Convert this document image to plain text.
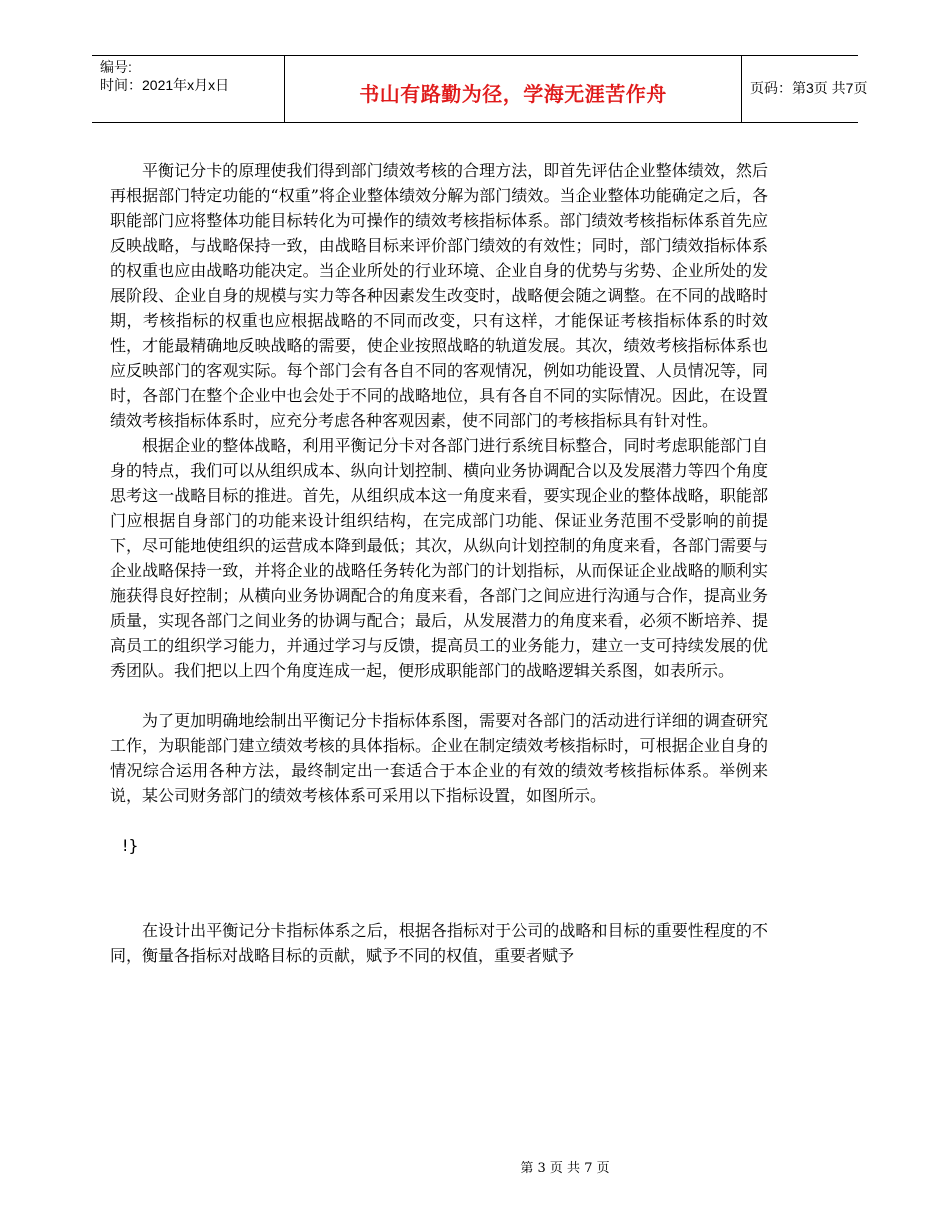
编号:
时间：2021年x月x日	书山有路勤为径，学海无涯苦作舟	页码：第3页 共7页

平衡记分卡的原理使我们得到部门绩效考核的合理方法，即首先评估企业整体绩效，然后再根据部门特定功能的“权重”将企业整体绩效分解为部门绩效。当企业整体功能确定之后，各职能部门应将整体功能目标转化为可操作的绩效考核指标体系。部门绩效考核指标体系首先应反映战略，与战略保持一致，由战略目标来评价部门绩效的有效性；同时，部门绩效指标体系的权重也应由战略功能决定。当企业所处的行业环境、企业自身的优势与劣势、企业所处的发展阶段、企业自身的规模与实力等各种因素发生改变时，战略便会随之调整。在不同的战略时期，考核指标的权重也应根据战略的不同而改变，只有这样，才能保证考核指标体系的时效性，才能最精确地反映战略的需要，使企业按照战略的轨道发展。其次，绩效考核指标体系也应反映部门的客观实际。每个部门会有各自不同的客观情况，例如功能设置、人员情况等，同时，各部门在整个企业中也会处于不同的战略地位，具有各自不同的实际情况。因此，在设置绩效考核指标体系时，应充分考虑各种客观因素，使不同部门的考核指标具有针对性。

根据企业的整体战略，利用平衡记分卡对各部门进行系统目标整合，同时考虑职能部门自身的特点，我们可以从组织成本、纵向计划控制、横向业务协调配合以及发展潜力等四个角度思考这一战略目标的推进。首先，从组织成本这一角度来看，要实现企业的整体战略，职能部门应根据自身部门的功能来设计组织结构，在完成部门功能、保证业务范围不受影响的前提下，尽可能地使组织的运营成本降到最低；其次，从纵向计划控制的角度来看，各部门需要与企业战略保持一致，并将企业的战略任务转化为部门的计划指标，从而保证企业战略的顺利实施获得良好控制；从横向业务协调配合的角度来看，各部门之间应进行沟通与合作，提高业务质量，实现各部门之间业务的协调与配合；最后，从发展潜力的角度来看，必须不断培养、提高员工的组织学习能力，并通过学习与反馈，提高员工的业务能力，建立一支可持续发展的优秀团队。我们把以上四个角度连成一起，便形成职能部门的战略逻辑关系图，如表所示。

为了更加明确地绘制出平衡记分卡指标体系图，需要对各部门的活动进行详细的调查研究工作，为职能部门建立绩效考核的具体指标。企业在制定绩效考核指标时，可根据企业自身的情况综合运用各种方法，最终制定出一套适合于本企业的有效的绩效考核指标体系。举例来说，某公司财务部门的绩效考核体系可采用以下指标设置，如图所示。

!}

在设计出平衡记分卡指标体系之后，根据各指标对于公司的战略和目标的重要性程度的不同，衡量各指标对战略目标的贡献，赋予不同的权值，重要者赋予

第 3 页 共 7 页
